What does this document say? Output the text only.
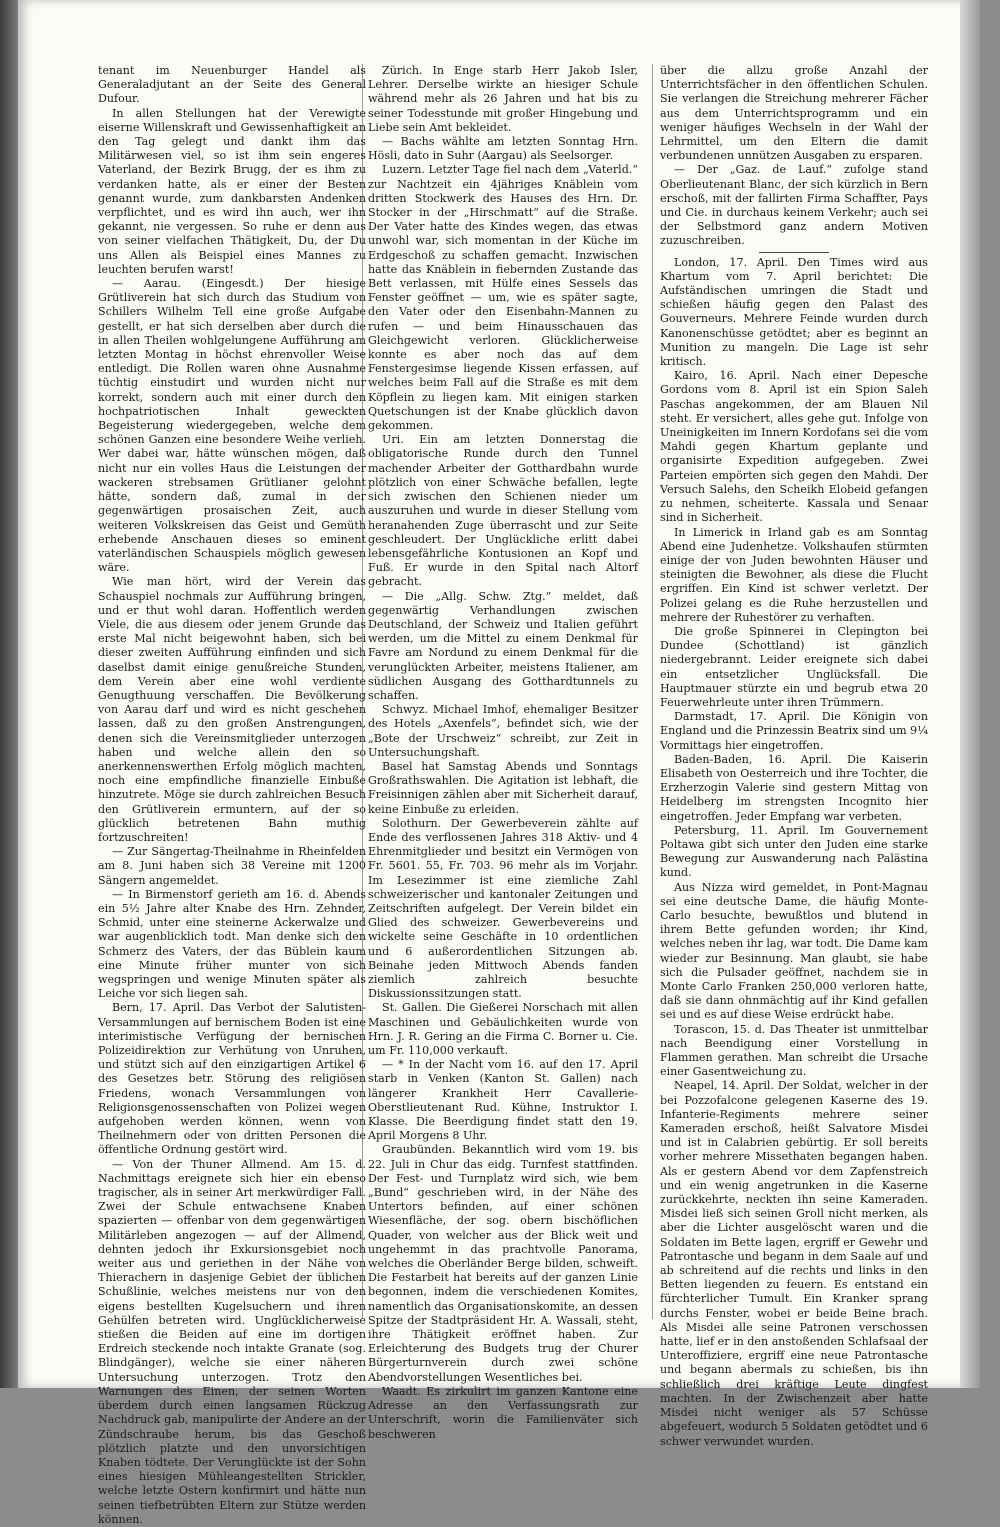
tenant im Neuenburger Handel als Generaladjutant an der Seite des General Dufour.

In allen Stellungen hat der Verewigte eiserne Willenskraft und Gewissenhaftigkeit an den Tag gelegt und dankt ihm das Militärwesen viel, so ist ihm sein engeres Vaterland, der Bezirk Brugg, der es ihm zu verdanken hatte, als er einer der Besten genannt wurde, zum dankbarsten Andenken verpflichtet, und es wird ihn auch, wer ihn gekannt, nie vergessen. So ruhe er denn aus von seiner vielfachen Thätigkeit, Du, der Du uns Allen als Beispiel eines Mannes zu leuchten berufen warst!

— Aarau. (Eingesdt.) Der hiesige Grütliverein hat sich durch das Studium von Schillers Wilhelm Tell eine große Aufgabe gestellt, er hat sich derselben aber durch die in allen Theilen wohlgelungene Aufführung am letzten Montag in höchst ehrenvoller Weise entledigt. Die Rollen waren ohne Ausnahme tüchtig einstudirt und wurden nicht nur korrekt, sondern auch mit einer durch den hochpatriotischen Inhalt geweckten Begeisterung wiedergegeben, welche dem schönen Ganzen eine besondere Weihe verlieh. Wer dabei war, hätte wünschen mögen, daß nicht nur ein volles Haus die Leistungen der wackeren strebsamen Grütlianer gelohnt hätte, sondern daß, zumal in der gegenwärtigen prosaischen Zeit, auch weiteren Volkskreisen das Geist und Gemüth erhebende Anschauen dieses so eminent vaterländischen Schauspiels möglich gewesen wäre.

Wie man hört, wird der Verein das Schauspiel nochmals zur Aufführung bringen, und er thut wohl daran. Hoffentlich werden Viele, die aus diesem oder jenem Grunde das erste Mal nicht beigewohnt haben, sich bei dieser zweiten Aufführung einfinden und sich daselbst damit einige genußreiche Stunden, dem Verein aber eine wohl verdiente Genugthuung verschaffen. Die Bevölkerung von Aarau darf und wird es nicht geschehen lassen, daß zu den großen Anstrengungen, denen sich die Vereinsmitglieder unterzogen haben und welche allein den so anerkennenswerthen Erfolg möglich machten, noch eine empfindliche finanzielle Einbuße hinzutrete. Möge sie durch zahlreichen Besuch den Grütliverein ermuntern, auf der so glücklich betretenen Bahn muthig fortzuschreiten!

— Zur Sängertag-Theilnahme in Rheinfelden am 8. Juni haben sich 38 Vereine mit 1200 Sängern angemeldet.

— In Birmenstorf gerieth am 16. d. Abends ein 5½ Jahre alter Knabe des Hrn. Zehnder, Schmid, unter eine steinerne Ackerwalze und war augenblicklich todt. Man denke sich den Schmerz des Vaters, der das Büblein kaum eine Minute früher munter von sich wegspringen und wenige Minuten später als Leiche vor sich liegen sah.

Bern, 17. April. Das Verbot der Salutisten-Versammlungen auf bernischem Boden ist eine interimistische Verfügung der bernischen Polizeidirektion zur Verhütung von Unruhen, und stützt sich auf den einzigartigen Artikel 6 des Gesetzes betr. Störung des religiösen Friedens, wonach Versammlungen von Religionsgenossenschaften von Polizei wegen aufgehoben werden können, wenn von Theilnehmern oder von dritten Personen die öffentliche Ordnung gestört wird.

— Von der Thuner Allmend. Am 15. d. Nachmittags ereignete sich hier ein ebenso tragischer, als in seiner Art merkwürdiger Fall. Zwei der Schule entwachsene Knaben spazierten — offenbar von dem gegenwärtigen Militärleben angezogen — auf der Allmend, dehnten jedoch ihr Exkursionsgebiet noch weiter aus und geriethen in der Nähe von Thierachern in dasjenige Gebiet der üblichen Schußlinie, welches meistens nur von den eigens bestellten Kugelsuchern und ihren Gehülfen betreten wird. Unglücklicherweise stießen die Beiden auf eine im dortigen Erdreich steckende noch intakte Granate (sog. Blindgänger), welche sie einer näheren Untersuchung unterzogen. Trotz den Warnungen des Einen, der seinen Worten überdem durch einen langsamen Rückzug Nachdruck gab, manipulirte der Andere an der Zündschraube herum, bis das Geschoß plötzlich platzte und den unvorsichtigen Knaben tödtete. Der Verunglückte ist der Sohn eines hiesigen Mühleangestellten Strickler, welche letzte Ostern konfirmirt und hätte nun seinen tiefbetrübten Eltern zur Stütze werden können.

Zürich. In Enge starb Herr Jakob Isler, Lehrer. Derselbe wirkte an hiesiger Schule während mehr als 26 Jahren und hat bis zu seiner Todesstunde mit großer Hingebung und Liebe sein Amt bekleidet.

— Bachs wählte am letzten Sonntag Hrn. Hösli, dato in Suhr (Aargau) als Seelsorger.

Luzern. Letzter Tage fiel nach dem „Vaterld.“ zur Nachtzeit ein 4jähriges Knäblein vom dritten Stockwerk des Hauses des Hrn. Dr. Stocker in der „Hirschmatt“ auf die Straße. Der Vater hatte des Kindes wegen, das etwas unwohl war, sich momentan in der Küche im Erdgeschoß zu schaffen gemacht. Inzwischen hatte das Knäblein in fiebernden Zustande das Bett verlassen, mit Hülfe eines Sessels das Fenster geöffnet — um, wie es später sagte, den Vater oder den Eisenbahn-Mannen zu rufen — und beim Hinausschauen das Gleichgewicht verloren. Glücklicherweise konnte es aber noch das auf dem Fenstergesimse liegende Kissen erfassen, auf welches beim Fall auf die Straße es mit dem Köpflein zu liegen kam. Mit einigen starken Quetschungen ist der Knabe glücklich davon gekommen.

Uri. Ein am letzten Donnerstag die obligatorische Runde durch den Tunnel machender Arbeiter der Gotthardbahn wurde plötzlich von einer Schwäche befallen, legte sich zwischen den Schienen nieder um auszuruhen und wurde in dieser Stellung vom heranahenden Zuge überrascht und zur Seite geschleudert. Der Unglückliche erlitt dabei lebensgefährliche Kontusionen an Kopf und Fuß. Er wurde in den Spital nach Altorf gebracht.

— Die „Allg. Schw. Ztg.“ meldet, daß gegenwärtig Verhandlungen zwischen Deutschland, der Schweiz und Italien geführt werden, um die Mittel zu einem Denkmal für Favre am Nordund zu einem Denkmal für die verunglückten Arbeiter, meistens Italiener, am südlichen Ausgang des Gotthardtunnels zu schaffen.

Schwyz. Michael Imhof, ehemaliger Besitzer des Hotels „Axenfels“, befindet sich, wie der „Bote der Urschweiz“ schreibt, zur Zeit in Untersuchungshaft.

Basel hat Samstag Abends und Sonntags Großrathswahlen. Die Agitation ist lebhaft, die Freisinnigen zählen aber mit Sicherheit darauf, keine Einbuße zu erleiden.

Solothurn. Der Gewerbeverein zählte auf Ende des verflossenen Jahres 318 Aktiv- und 4 Ehrenmitglieder und besitzt ein Vermögen von Fr. 5601. 55, Fr. 703. 96 mehr als im Vorjahr. Im Lesezimmer ist eine ziemliche Zahl schweizerischer und kantonaler Zeitungen und Zeitschriften aufgelegt. Der Verein bildet ein Glied des schweizer. Gewerbevereins und wickelte seine Geschäfte in 10 ordentlichen und 6 außerordentlichen Sitzungen ab. Beinahe jeden Mittwoch Abends fanden ziemlich zahlreich besuchte Diskussionssitzungen statt.

St. Gallen. Die Gießerei Norschach mit allen Maschinen und Gebäulichkeiten wurde von Hrn. J. R. Gering an die Firma C. Borner u. Cie. um Fr. 110,000 verkauft.

— * In der Nacht vom 16. auf den 17. April starb in Venken (Kanton St. Gallen) nach längerer Krankheit Herr Cavallerie-Oberstlieutenant Rud. Kühne, Instruktor I. Klasse. Die Beerdigung findet statt den 19. April Morgens 8 Uhr.

Graubünden. Bekanntlich wird vom 19. bis 22. Juli in Chur das eidg. Turnfest stattfinden. Der Fest- und Turnplatz wird sich, wie bem „Bund“ geschrieben wird, in der Nähe des Untertors befinden, auf einer schönen Wiesenfläche, der sog. obern bischöflichen Quader, von welcher aus der Blick weit und ungehemmt in das prachtvolle Panorama, welches die Oberländer Berge bilden, schweift. Die Festarbeit hat bereits auf der ganzen Linie begonnen, indem die verschiedenen Komites, namentlich das Organisationskomite, an dessen Spitze der Stadtpräsident Hr. A. Wassali, steht, ihre Thätigkeit eröffnet haben. Zur Erleichterung des Budgets trug der Churer Bürgerturnverein durch zwei schöne Abendvorstellungen Wesentliches bei.

Waadt. Es zirkulirt im ganzen Kantone eine Adresse an den Verfassungsrath zur Unterschrift, worin die Familienväter sich beschweren

über die allzu große Anzahl der Unterrichtsfächer in den öffentlichen Schulen. Sie verlangen die Streichung mehrerer Fächer aus dem Unterrichtsprogramm und ein weniger häufiges Wechseln in der Wahl der Lehrmittel, um den Eltern die damit verbundenen unnützen Ausgaben zu ersparen.

— Der „Gaz. de Lauf.“ zufolge stand Oberlieutenant Blanc, der sich kürzlich in Bern erschoß, mit der fallirten Firma Schaffter, Pays und Cie. in durchaus keinem Verkehr; auch sei der Selbstmord ganz andern Motiven zuzuschreiben.

London, 17. April. Den Times wird aus Khartum vom 7. April berichtet: Die Aufständischen umringen die Stadt und schießen häufig gegen den Palast des Gouverneurs. Mehrere Feinde wurden durch Kanonenschüsse getödtet; aber es beginnt an Munition zu mangeln. Die Lage ist sehr kritisch.

Kairo, 16. April. Nach einer Depesche Gordons vom 8. April ist ein Spion Saleh Paschas angekommen, der am Blauen Nil steht. Er versichert, alles gehe gut. Infolge von Uneinigkeiten im Innern Kordofans sei die vom Mahdi gegen Khartum geplante und organisirte Expedition aufgegeben. Zwei Parteien empörten sich gegen den Mahdi. Der Versuch Salehs, den Scheikh Elobeid gefangen zu nehmen, scheiterte. Kassala und Senaar sind in Sicherheit.

In Limerick in Irland gab es am Sonntag Abend eine Judenhetze. Volkshaufen stürmten einige der von Juden bewohnten Häuser und steinigten die Bewohner, als diese die Flucht ergriffen. Ein Kind ist schwer verletzt. Der Polizei gelang es die Ruhe herzustellen und mehrere der Ruhestörer zu verhaften.

Die große Spinnerei in Clepington bei Dundee (Schottland) ist gänzlich niedergebrannt. Leider ereignete sich dabei ein entsetzlicher Unglücksfall. Die Hauptmauer stürzte ein und begrub etwa 20 Feuerwehrleute unter ihren Trümmern.

Darmstadt, 17. April. Die Königin von England und die Prinzessin Beatrix sind um 9¼ Vormittags hier eingetroffen.

Baden-Baden, 16. April. Die Kaiserin Elisabeth von Oesterreich und ihre Tochter, die Erzherzogin Valerie sind gestern Mittag von Heidelberg im strengsten Incognito hier eingetroffen. Jeder Empfang war verbeten.

Petersburg, 11. April. Im Gouvernement Poltawa gibt sich unter den Juden eine starke Bewegung zur Auswanderung nach Palästina kund.

Aus Nizza wird gemeldet, in Pont-Magnau sei eine deutsche Dame, die häufig Monte-Carlo besuchte, bewußtlos und blutend in ihrem Bette gefunden worden; ihr Kind, welches neben ihr lag, war todt. Die Dame kam wieder zur Besinnung. Man glaubt, sie habe sich die Pulsader geöffnet, nachdem sie in Monte Carlo Franken 250,000 verloren hatte, daß sie dann ohnmächtig auf ihr Kind gefallen sei und es auf diese Weise erdrückt habe.

Torascon, 15. d. Das Theater ist unmittelbar nach Beendigung einer Vorstellung in Flammen gerathen. Man schreibt die Ursache einer Gasentweichung zu.

Neapel, 14. April. Der Soldat, welcher in der bei Pozzofalcone gelegenen Kaserne des 19. Infanterie-Regiments mehrere seiner Kameraden erschoß, heißt Salvatore Misdei und ist in Calabrien gebürtig. Er soll bereits vorher mehrere Missethaten begangen haben. Als er gestern Abend vor dem Zapfenstreich und ein wenig angetrunken in die Kaserne zurückkehrte, neckten ihn seine Kameraden. Misdei ließ sich seinen Groll nicht merken, als aber die Lichter ausgelöscht waren und die Soldaten im Bette lagen, ergriff er Gewehr und Patrontasche und begann in dem Saale auf und ab schreitend auf die rechts und links in den Betten liegenden zu feuern. Es entstand ein fürchterlicher Tumult. Ein Kranker sprang durchs Fenster, wobei er beide Beine brach. Als Misdei alle seine Patronen verschossen hatte, lief er in den anstoßenden Schlafsaal der Unteroffiziere, ergriff eine neue Patrontasche und begann abermals zu schießen, bis ihn schließlich drei kräftige Leute dingfest machten. In der Zwischenzeit aber hatte Misdei nicht weniger als 57 Schüsse abgefeuert, wodurch 5 Soldaten getödtet und 6 schwer verwundet wurden.
